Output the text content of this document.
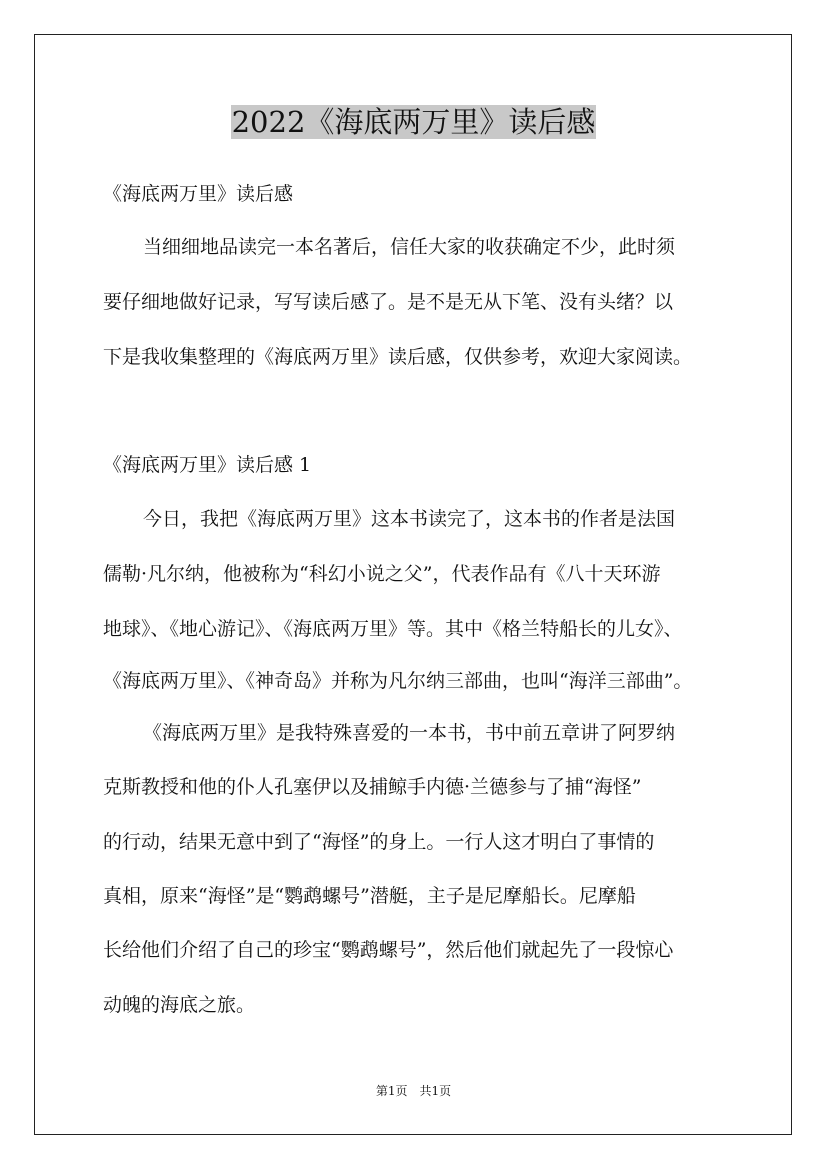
2022《海底两万里》读后感
《海底两万里》读后感
当细细地品读完一本名著后，信任大家的收获确定不少，此时须
要仔细地做好记录，写写读后感了。是不是无从下笔、没有头绪？以
下是我收集整理的《海底两万里》读后感，仅供参考，欢迎大家阅读。
《海底两万里》读后感 1
今日，我把《海底两万里》这本书读完了，这本书的作者是法国
儒勒·凡尔纳，他被称为“科幻小说之父”，代表作品有《八十天环游
地球》、《地心游记》、《海底两万里》等。其中《格兰特船长的儿女》、
《海底两万里》、《神奇岛》并称为凡尔纳三部曲，也叫“海洋三部曲”。
《海底两万里》是我特殊喜爱的一本书，书中前五章讲了阿罗纳
克斯教授和他的仆人孔塞伊以及捕鲸手内德·兰德参与了捕“海怪”
的行动，结果无意中到了“海怪”的身上。一行人这才明白了事情的
真相，原来“海怪”是“鹦鹉螺号”潜艇，主子是尼摩船长。尼摩船
长给他们介绍了自己的珍宝“鹦鹉螺号”，然后他们就起先了一段惊心
动魄的海底之旅。
第1页　共1页
